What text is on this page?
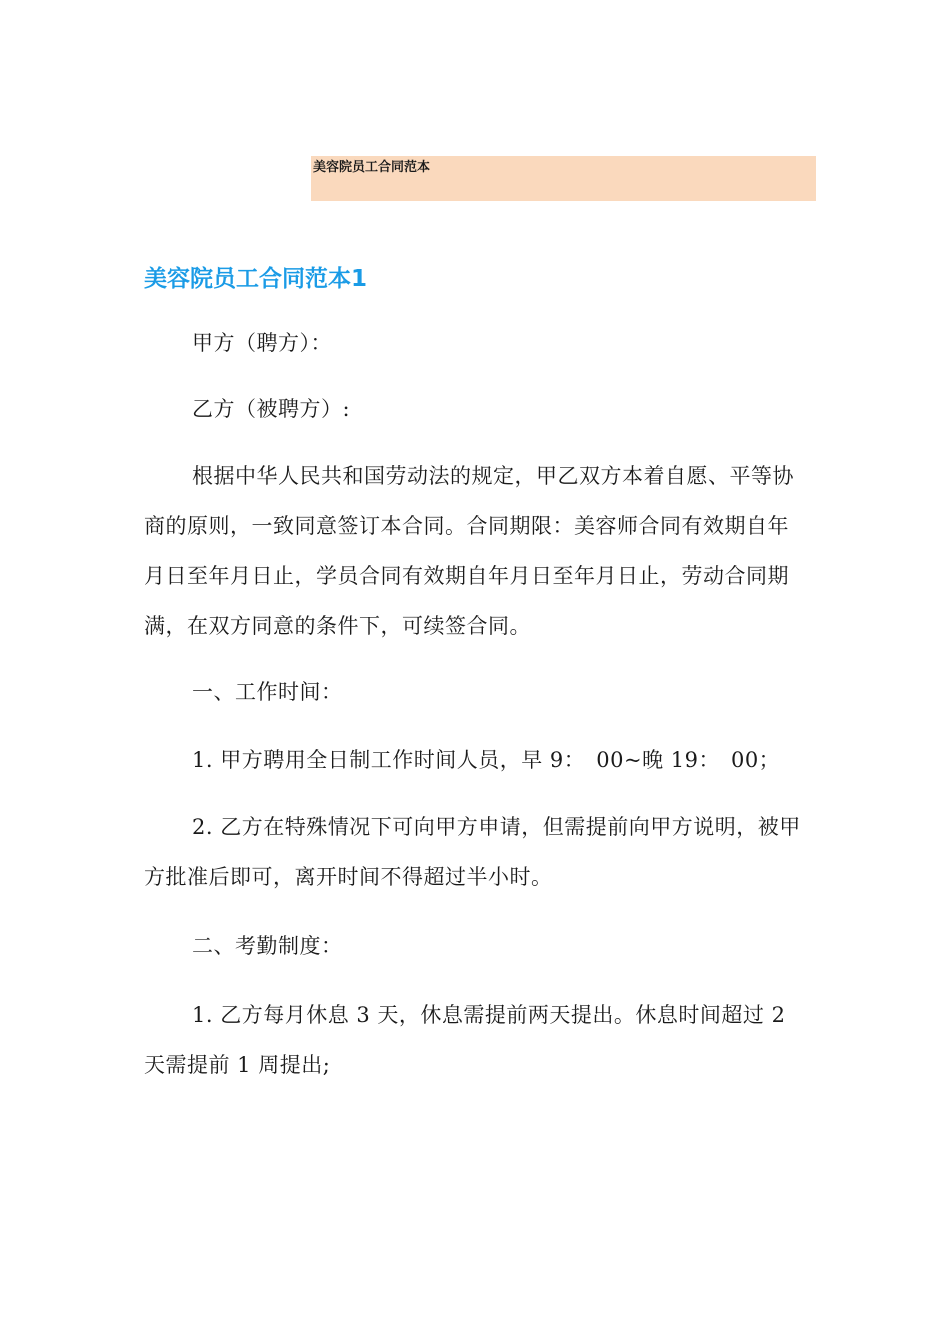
美容院员工合同范本
美容院员工合同范本1

甲方（聘方）：

乙方（被聘方）:

根据中华人民共和国劳动法的规定，甲乙双方本着自愿、平等协商的原则，一致同意签订本合同。合同期限：美容师合同有效期自年月日至年月日止，学员合同有效期自年月日至年月日止，劳动合同期满，在双方同意的条件下，可续签合同。

一、工作时间：

1. 甲方聘用全日制工作时间人员，早 9：　00~晚 19：　00；

2. 乙方在特殊情况下可向甲方申请，但需提前向甲方说明，被甲方批准后即可，离开时间不得超过半小时。

二、考勤制度：

1. 乙方每月休息 3 天，休息需提前两天提出。休息时间超过 2 天需提前 1 周提出;
